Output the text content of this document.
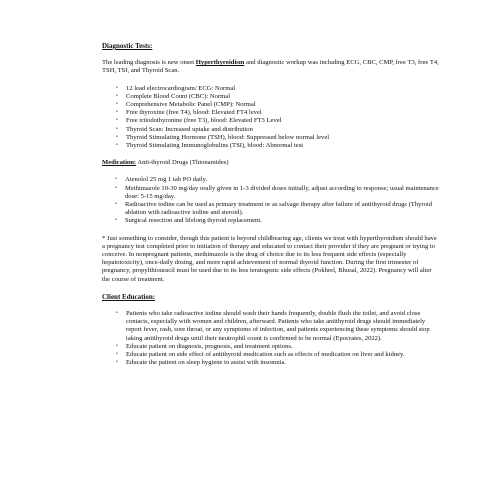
Diagnostic Tests:

The leading diagnosis is new onset Hyperthyroidism and diagnostic workup was including ECG, CBC, CMP, free T3, free T4, TSH, TSI, and Thyroid Scan.

• 12 lead electrocardiogram/ ECG: Normal
• Complete Blood Count (CBC): Normal
• Comprehensive Metabolic Panel (CMP): Normal
• Free thyroxine (free T4), blood: Elevated FT4 level
• Free triiodothyronine (free T3), blood: Elevated FT3 Level
• Thyroid Scan: Increased uptake and distribution
• Thyroid Stimulating Hormone (TSH), blood: Suppressed below normal level
• Thyroid Stimulating Immunoglobulins (TSI), blood: Abnormal test

Medication: Anti-thyroid Drugs (Thionamides)

• Atenolol 25 mg 1 tab PO daily.
• Methimazole 10-30 mg/day orally given in 1-3 divided doses initially, adjust according to response; usual maintenance dose: 5-15 mg/day.
• Radioactive iodine can be used as primary treatment or as salvage therapy after failure of antithyroid drugs (Thyroid ablation with radioactive iodine and steroid).
• Surgical resection and lifelong thyroid replacement.

* Just something to consider, though this patient is beyond childbearing age, clients we treat with hyperthyroidism should have a pregnancy test completed prior to initiation of therapy and educated to contact their provider if they are pregnant or trying to conceive. In nonpregnant patients, methimazole is the drug of choice due to its less frequent side effects (especially hepatotoxicity), once-daily dosing, and more rapid achievement of normal thyroid function. During the first trimester of pregnancy, propylthiouracil must be used due to its less teratogenic side effects (Pokhrel, Bhusal, 2022). Pregnancy will alter the course of treatment.

Client Education:
• Patients who take radioactive iodine should wash their hands frequently, double flush the toilet, and avoid close contacts, especially with women and children, afterward. Patients who take antithyroid drugs should immediately report fever, rash, sore throat, or any symptoms of infection, and patients experiencing these symptoms should stop taking antithyroid drugs until their neutrophil count is confirmed to be normal (Epocrates, 2022).
• Educate patient on diagnosis, prognosis, and treatment options.
• Educate patient on side effect of antithyroid medication such as effects of medication on liver and kidney.
• Educate the patient on sleep hygiene to assist with insomnia.
